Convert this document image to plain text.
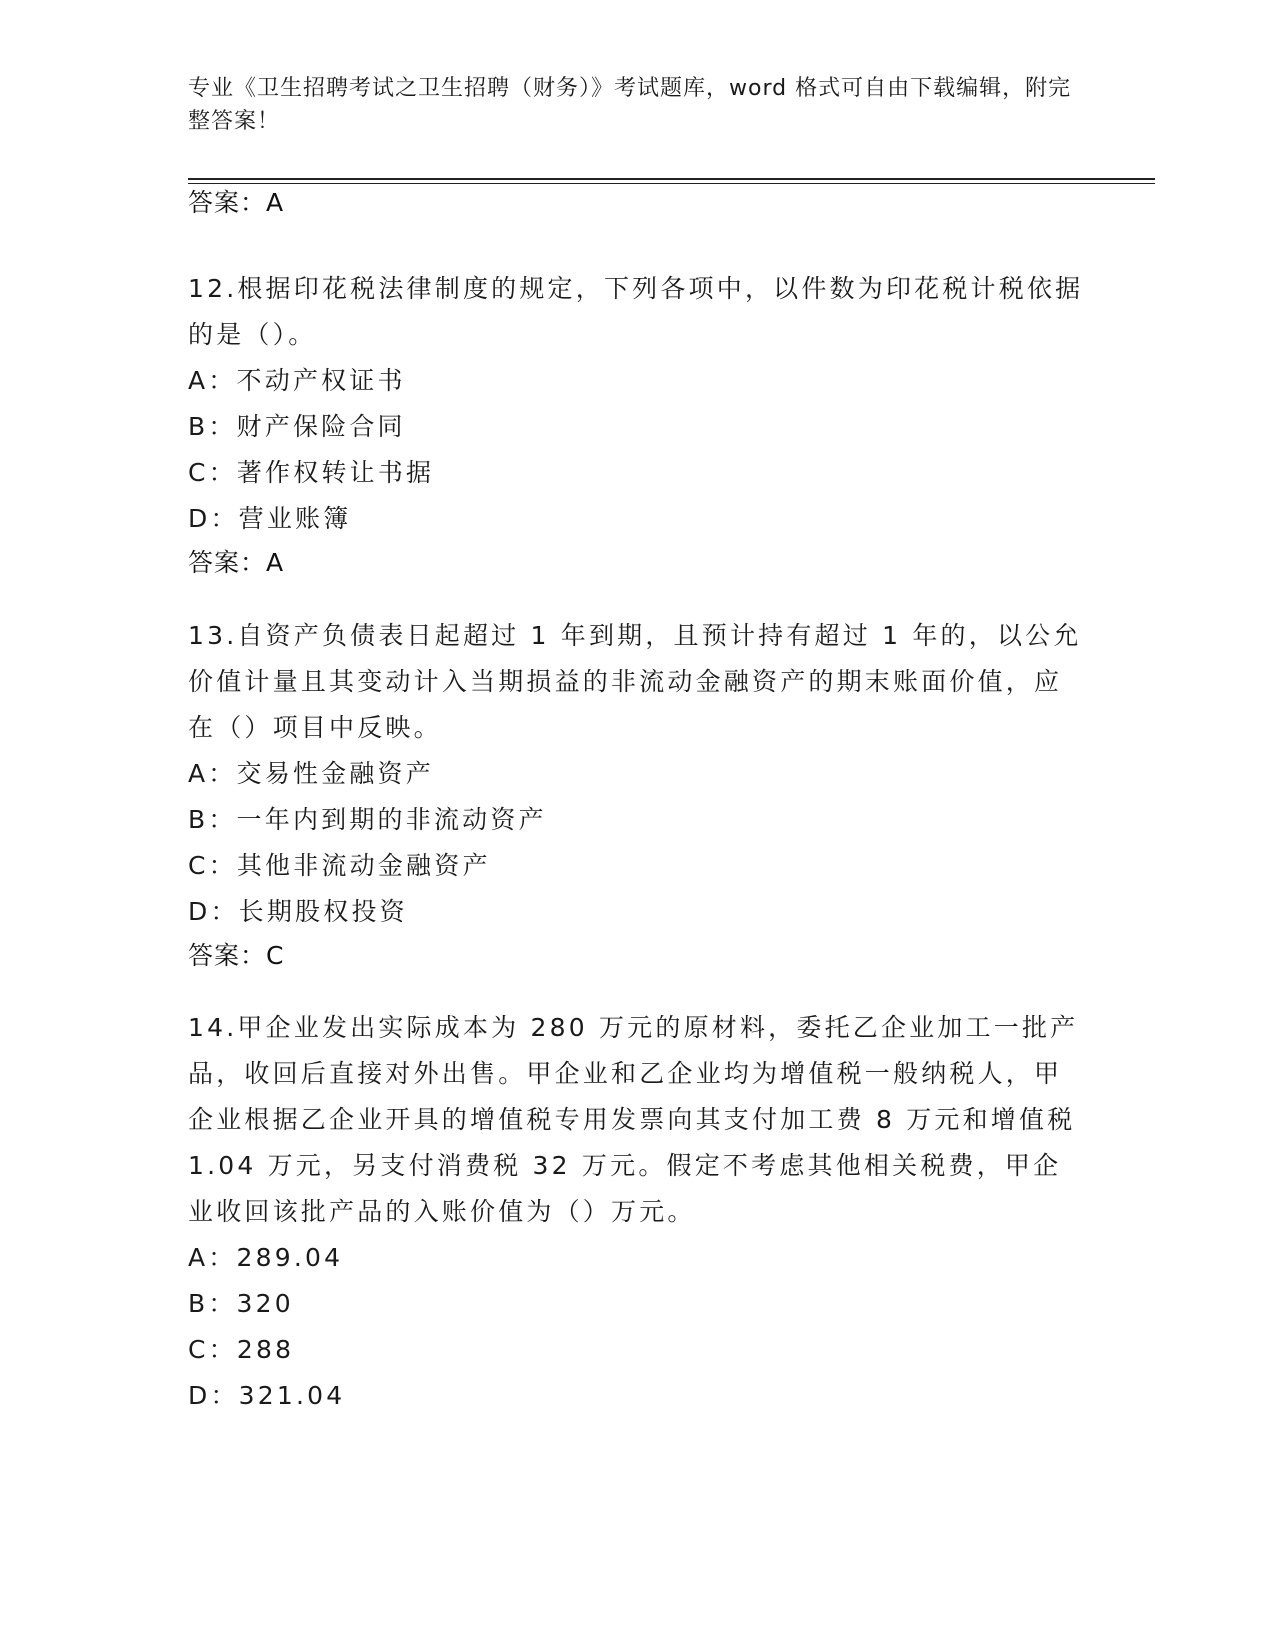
专业《卫生招聘考试之卫生招聘（财务）》考试题库，word 格式可自由下载编辑，附完整答案！
答案：A
12.根据印花税法律制度的规定，下列各项中，以件数为印花税计税依据的是（）。
A：不动产权证书
B：财产保险合同
C：著作权转让书据
D：营业账簿
答案：A
13.自资产负债表日起超过 1 年到期，且预计持有超过 1 年的，以公允价值计量且其变动计入当期损益的非流动金融资产的期末账面价值，应在（）项目中反映。
A：交易性金融资产
B：一年内到期的非流动资产
C：其他非流动金融资产
D：长期股权投资
答案：C
14.甲企业发出实际成本为 280 万元的原材料，委托乙企业加工一批产品，收回后直接对外出售。甲企业和乙企业均为增值税一般纳税人，甲企业根据乙企业开具的增值税专用发票向其支付加工费 8 万元和增值税 1.04 万元，另支付消费税 32 万元。假定不考虑其他相关税费，甲企业收回该批产品的入账价值为（）万元。
A：289.04
B：320
C：288
D：321.04
